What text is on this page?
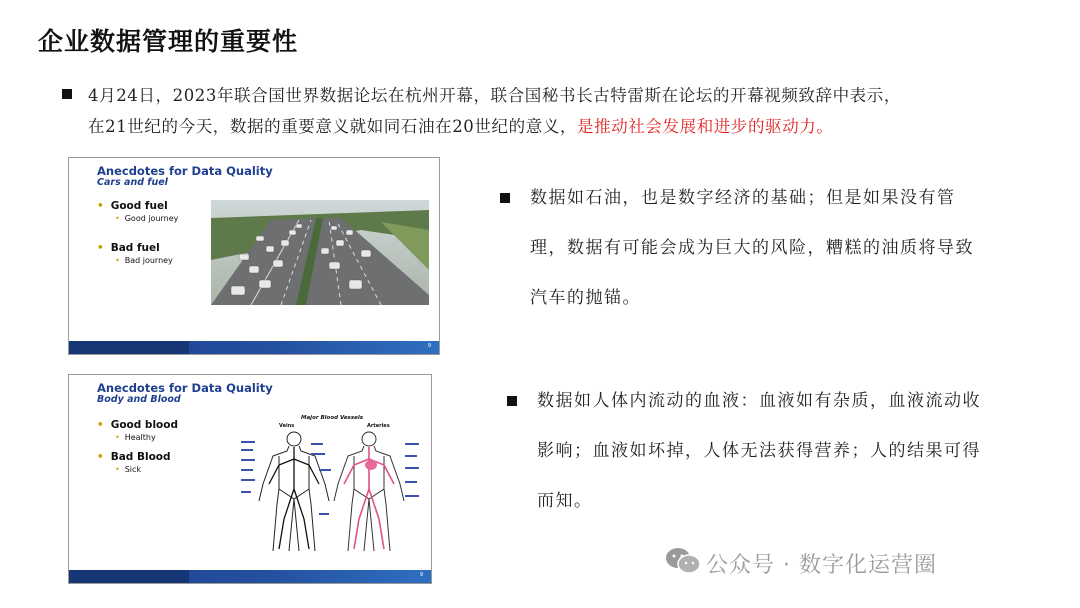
企业数据管理的重要性
4月24日，2023年联合国世界数据论坛在杭州开幕，联合国秘书长古特雷斯在论坛的开幕视频致辞中表示，
在21世纪的今天，数据的重要意义就如同石油在20世纪的意义，是推动社会发展和进步的驱动力。
Anecdotes for Data Quality
Cars and fuel
• Good fuel
• Good journey
• Bad fuel
• Bad journey
9
Anecdotes for Data Quality
Body and Blood
• Good blood
• Healthy
• Bad Blood
• Sick
Major Blood Vessels
Veins	Arteries
9
数据如石油，也是数字经济的基础；但是如果没有管
理，数据有可能会成为巨大的风险，糟糕的油质将导致
汽车的抛锚。
数据如人体内流动的血液：血液如有杂质，血液流动收
影响；血液如坏掉，人体无法获得营养；人的结果可得
而知。
公众号 · 数字化运营圈
